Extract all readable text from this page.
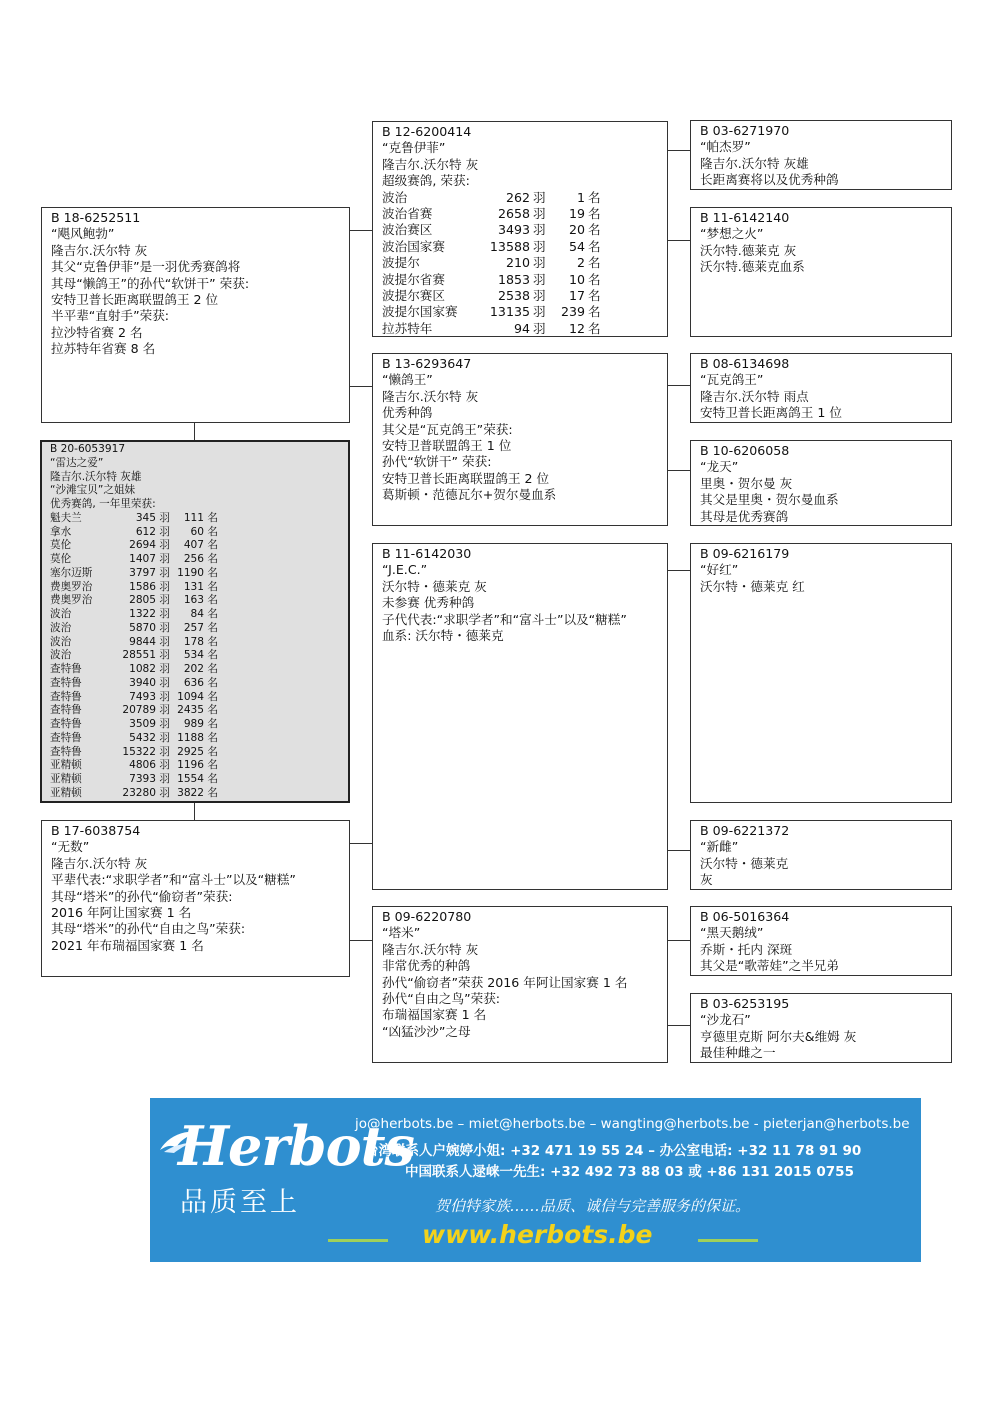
B 18-6252511
“飓风鲍勃”
隆吉尔.沃尔特 灰
其父“克鲁伊菲”是一羽优秀赛鸽将
其母“懒鸽王”的孙代“软饼干” 荣获:
安特卫普长距离联盟鸽王 2 位
半平辈“直射手”荣获:
拉沙特省赛 2 名
拉苏特年省赛 8 名
B 20-6053917
“雷达之爱”
隆吉尔.沃尔特 灰雄
“沙滩宝贝”之姐妹
优秀赛鸽, 一年里荣获:
魁夫兰	345 羽	111 名
拿水	612 羽	60 名
莫伦	2694 羽	407 名
莫伦	1407 羽	256 名
塞尔迈斯	3797 羽	1190 名
费奥罗治	1586 羽	131 名
费奥罗治	2805 羽	163 名
波治	1322 羽	84 名
波治	5870 羽	257 名
波治	9844 羽	178 名
波治	28551 羽	534 名
查特鲁	1082 羽	202 名
查特鲁	3940 羽	636 名
查特鲁	7493 羽	1094 名
查特鲁	20789 羽	2435 名
查特鲁	3509 羽	989 名
查特鲁	5432 羽	1188 名
查特鲁	15322 羽	2925 名
亚精顿	4806 羽	1196 名
亚精顿	7393 羽	1554 名
亚精顿	23280 羽	3822 名
B 17-6038754
“无数”
隆吉尔.沃尔特 灰
平辈代表:“求职学者”和“富斗士”以及“糖糕”
其母“塔米”的孙代“偷窃者”荣获:
2016 年阿让国家赛 1 名
其母“塔米”的孙代“自由之鸟”荣获:
2021 年布瑞福国家赛 1 名
B 12-6200414
“克鲁伊菲”
隆吉尔.沃尔特 灰
超级赛鸽, 荣获:
波治	262	羽	1	名
波治省赛	2658	羽	19	名
波治赛区	3493	羽	20	名
波治国家赛	13588	羽	54	名
波提尔	210	羽	2	名
波提尔省赛	1853	羽	10	名
波提尔赛区	2538	羽	17	名
波提尔国家赛	13135	羽	239	名
拉苏特年	94	羽	12	名
B 13-6293647
“懒鸽王”
隆吉尔.沃尔特 灰
优秀种鸽
其父是“瓦克鸽王”荣获:
安特卫普联盟鸽王 1 位
孙代“软饼干” 荣获:
安特卫普长距离联盟鸽王 2 位
葛斯顿・范德瓦尔+贺尔曼血系
B 11-6142030
“J.E.C.”
沃尔特・德莱克 灰
未参赛 优秀种鸽
子代代表:“求职学者”和“富斗士”以及“糖糕”
血系: 沃尔特・德莱克
B 09-6220780
“塔米”
隆吉尔.沃尔特 灰
非常优秀的种鸽
孙代“偷窃者”荣获 2016 年阿让国家赛 1 名
孙代“自由之鸟”荣获:
布瑞福国家赛 1 名
“凶猛沙沙”之母
B 03-6271970
“帕杰罗”
隆吉尔.沃尔特 灰雄
长距离赛将以及优秀种鸽
B 11-6142140
“梦想之火”
沃尔特.德莱克 灰
沃尔特.德莱克血系
B 08-6134698
“瓦克鸽王”
隆吉尔.沃尔特 雨点
安特卫普长距离鸽王 1 位
B 10-6206058
“龙天”
里奥・贺尔曼 灰
其父是里奥・贺尔曼血系
其母是优秀赛鸽
B 09-6216179
“好红”
沃尔特・德莱克 红
B 09-6221372
“新雌”
沃尔特・德莱克
灰
B 06-5016364
“黑天鹅绒”
乔斯・托内 深斑
其父是“歌蒂娃”之半兄弟
B 03-6253195
“沙龙石”
亨德里克斯 阿尔夫&维姆 灰
最佳种雌之一
Herbots
品质至上
jo@herbots.be – miet@herbots.be – wangting@herbots.be - pieterjan@herbots.be
台湾联系人户婉婷小姐: +32 471 19 55 24 – 办公室电话: +32 11 78 91 90
中国联系人逯崃一先生: +32 492 73 88 03 或 +86 131 2015 0755
贺伯特家族……品质、诚信与完善服务的保证。
www.herbots.be
